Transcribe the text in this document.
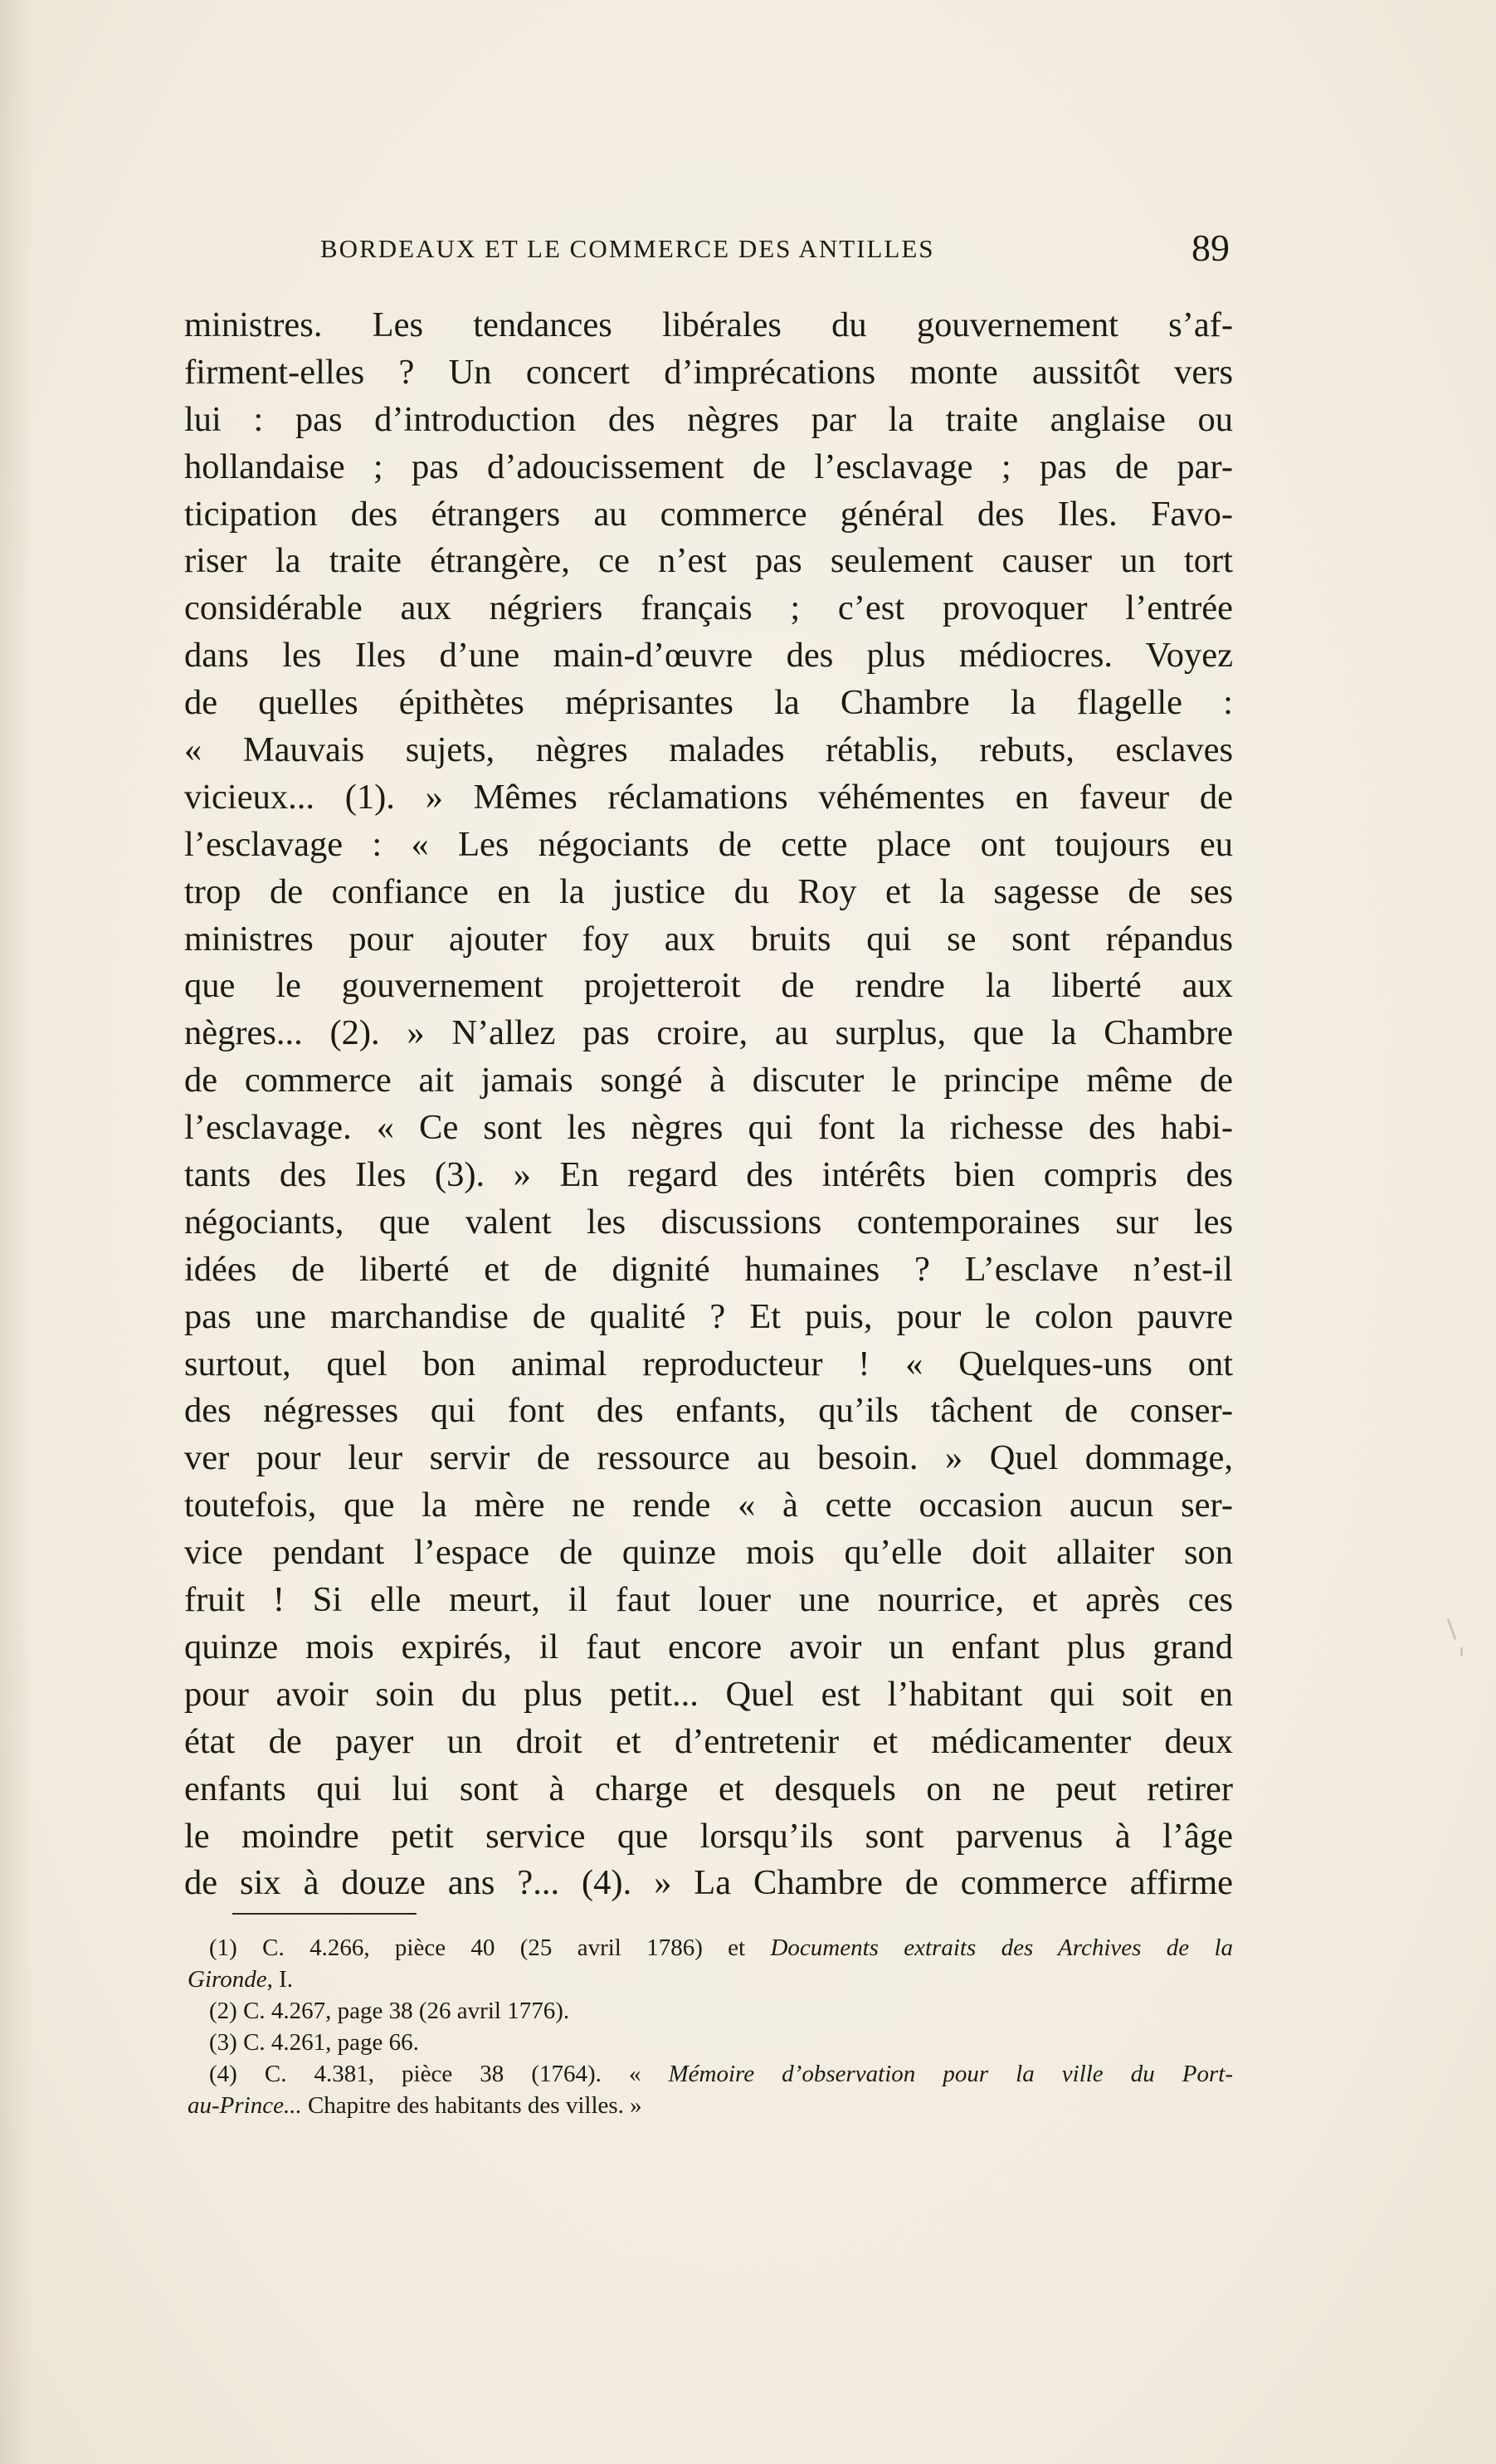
BORDEAUX ET LE COMMERCE DES ANTILLES	89
ministres. Les tendances libérales du gouvernement s’af-
firment-elles ? Un concert d’imprécations monte aussitôt vers
lui : pas d’introduction des nègres par la traite anglaise ou
hollandaise ; pas d’adoucissement de l’esclavage ; pas de par-
ticipation des étrangers au commerce général des Iles. Favo-
riser la traite étrangère, ce n’est pas seulement causer un tort
considérable aux négriers français ; c’est provoquer l’entrée
dans les Iles d’une main-d’œuvre des plus médiocres. Voyez
de quelles épithètes méprisantes la Chambre la flagelle :
« Mauvais sujets, nègres malades rétablis, rebuts, esclaves
vicieux... (1). » Mêmes réclamations véhémentes en faveur de
l’esclavage : « Les négociants de cette place ont toujours eu
trop de confiance en la justice du Roy et la sagesse de ses
ministres pour ajouter foy aux bruits qui se sont répandus
que le gouvernement projetteroit de rendre la liberté aux
nègres... (2). » N’allez pas croire, au surplus, que la Chambre
de commerce ait jamais songé à discuter le principe même de
l’esclavage. « Ce sont les nègres qui font la richesse des habi-
tants des Iles (3). » En regard des intérêts bien compris des
négociants, que valent les discussions contemporaines sur les
idées de liberté et de dignité humaines ? L’esclave n’est-il
pas une marchandise de qualité ? Et puis, pour le colon pauvre
surtout, quel bon animal reproducteur ! « Quelques-uns ont
des négresses qui font des enfants, qu’ils tâchent de conser-
ver pour leur servir de ressource au besoin. » Quel dommage,
toutefois, que la mère ne rende « à cette occasion aucun ser-
vice pendant l’espace de quinze mois qu’elle doit allaiter son
fruit ! Si elle meurt, il faut louer une nourrice, et après ces
quinze mois expirés, il faut encore avoir un enfant plus grand
pour avoir soin du plus petit... Quel est l’habitant qui soit en
état de payer un droit et d’entretenir et médicamenter deux
enfants qui lui sont à charge et desquels on ne peut retirer
le moindre petit service que lorsqu’ils sont parvenus à l’âge
de six à douze ans ?... (4). » La Chambre de commerce affirme
(1) C. 4.266, pièce 40 (25 avril 1786) et Documents extraits des Archives de la
Gironde, I.
(2) C. 4.267, page 38 (26 avril 1776).
(3) C. 4.261, page 66.
(4) C. 4.381, pièce 38 (1764). « Mémoire d’observation pour la ville du Port-
au-Prince... Chapitre des habitants des villes. »
